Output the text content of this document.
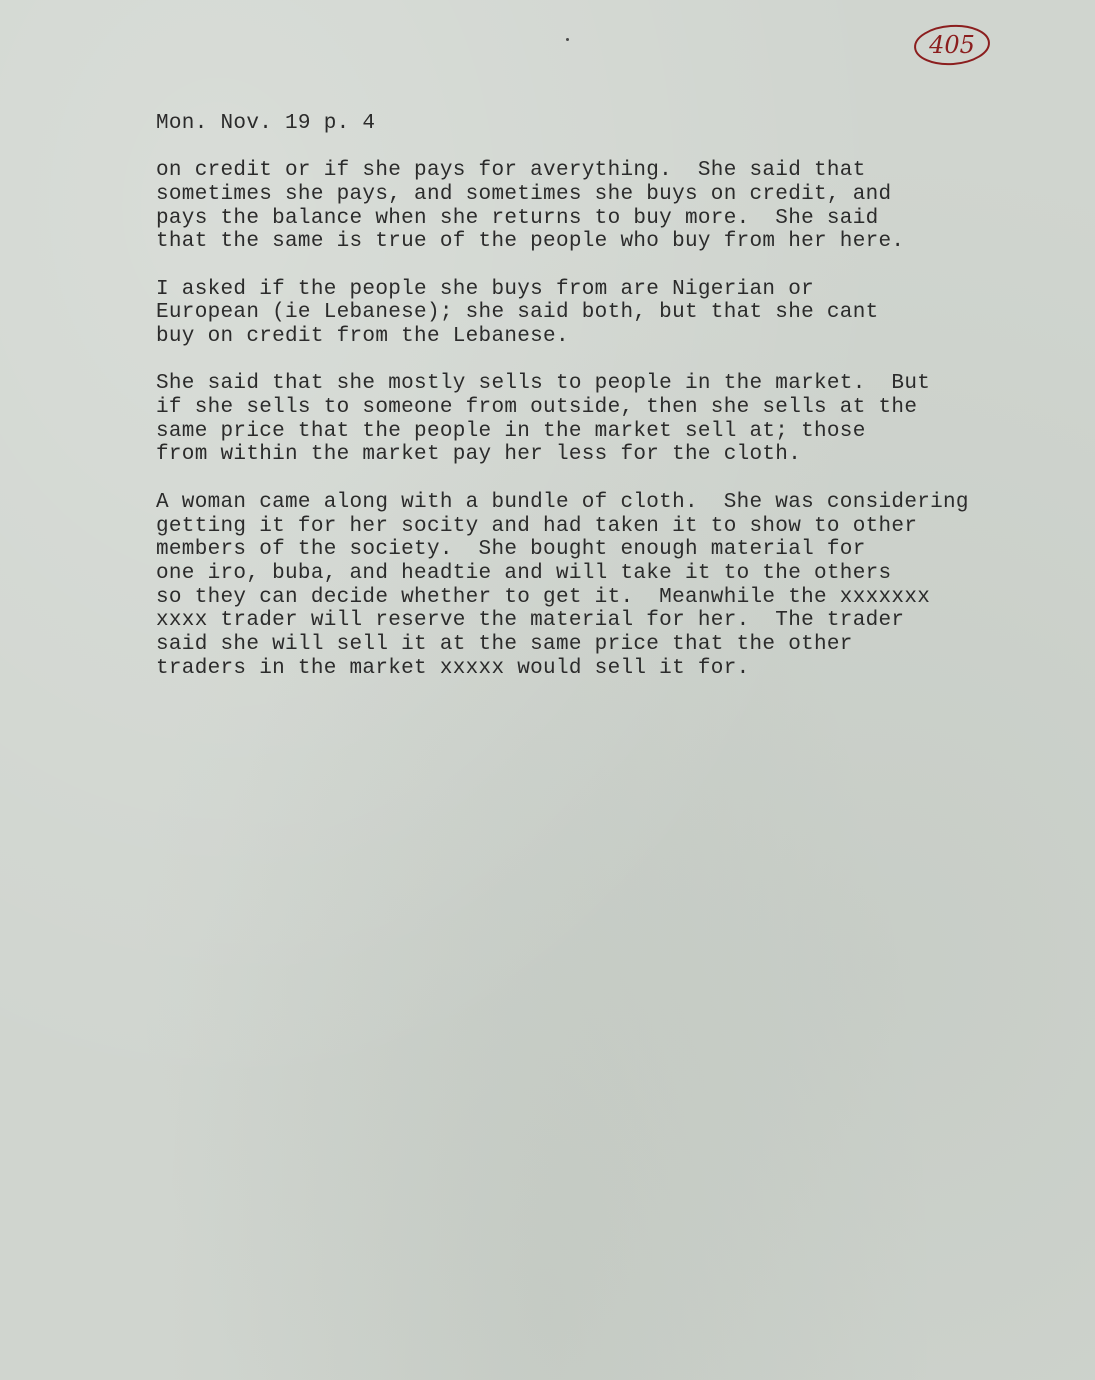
405
Mon. Nov. 19 p. 4
on credit or if she pays for averything.  She said that
sometimes she pays, and sometimes she buys on credit, and
pays the balance when she returns to buy more.  She said
that the same is true of the people who buy from her here.
I asked if the people she buys from are Nigerian or
European (ie Lebanese); she said both, but that she cant
buy on credit from the Lebanese.
She said that she mostly sells to people in the market.  But
if she sells to someone from outside, then she sells at the
same price that the people in the market sell at; those
from within the market pay her less for the cloth.
A woman came along with a bundle of cloth.  She was considering
getting it for her socity and had taken it to show to other
members of the society.  She bought enough material for
one iro, buba, and headtie and will take it to the others
so they can decide whether to get it.  Meanwhile the xxxxxxx
xxxx trader will reserve the material for her.  The trader
said she will sell it at the same price that the other
traders in the market xxxxx would sell it for.
